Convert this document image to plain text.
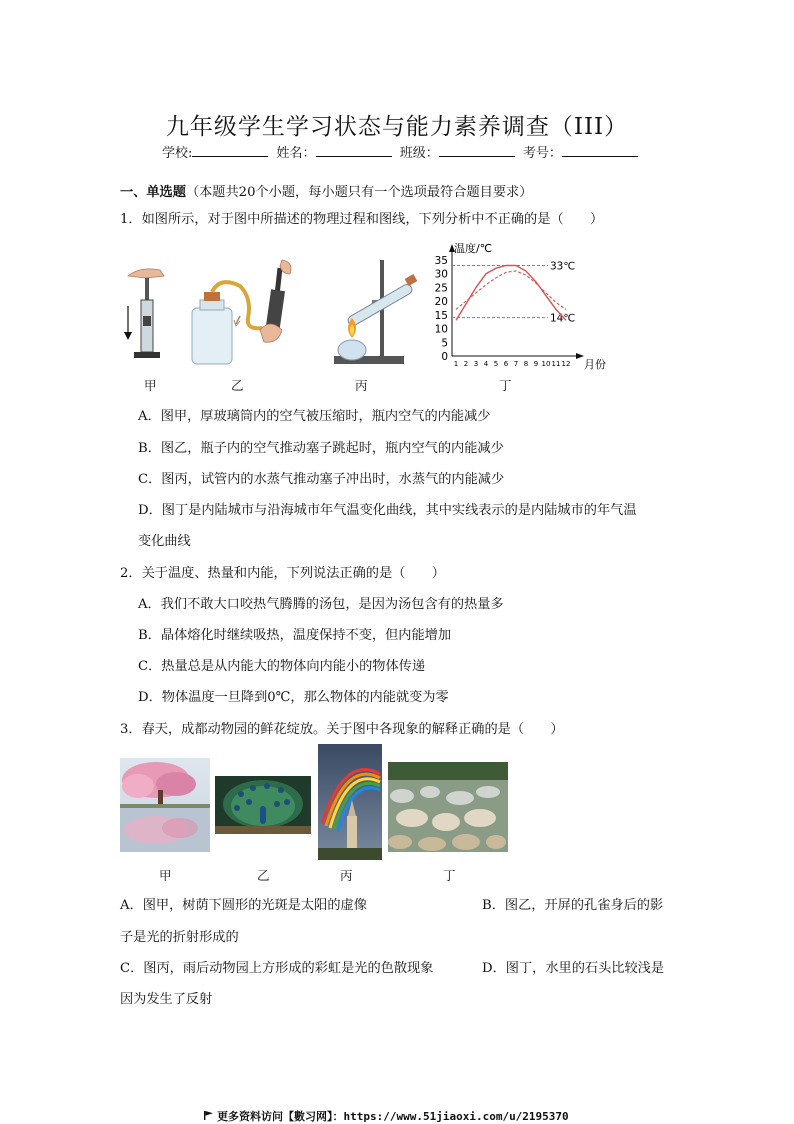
九年级学生学习状态与能力素养调查（III）
学校:	姓名：	班级：	考号：
一、单选题（本题共20个小题，每小题只有一个选项最符合题目要求）
1．如图所示，对于图中所描述的物理过程和图线，下列分析中不正确的是（　　）
温度/℃
月份
35
30
25
20
15
10
5
0
1 2 3 4 5 6 7 8 9 10 11 12
33℃
14℃
甲	乙	丙	丁
A．图甲，厚玻璃筒内的空气被压缩时，瓶内空气的内能减少
B．图乙，瓶子内的空气推动塞子跳起时，瓶内空气的内能减少
C．图丙，试管内的水蒸气推动塞子冲出时，水蒸气的内能减少
D．图丁是内陆城市与沿海城市年气温变化曲线，其中实线表示的是内陆城市的年气温
变化曲线
2．关于温度、热量和内能，下列说法正确的是（　　）
A．我们不敢大口咬热气腾腾的汤包，是因为汤包含有的热量多
B．晶体熔化时继续吸热，温度保持不变，但内能增加
C．热量总是从内能大的物体向内能小的物体传递
D．物体温度一旦降到0℃，那么物体的内能就变为零
3．春天，成都动物园的鲜花绽放。关于图中各现象的解释正确的是（　　）
甲	乙	丙	丁
A．图甲，树荫下圆形的光斑是太阳的虚像	B．图乙，开屏的孔雀身后的影
子是光的折射形成的
C．图丙，雨后动物园上方形成的彩虹是光的色散现象	D．图丁，水里的石头比较浅是
因为发生了反射
更多资料访问【數习网】：https://www.51jiaoxi.com/u/2195370
